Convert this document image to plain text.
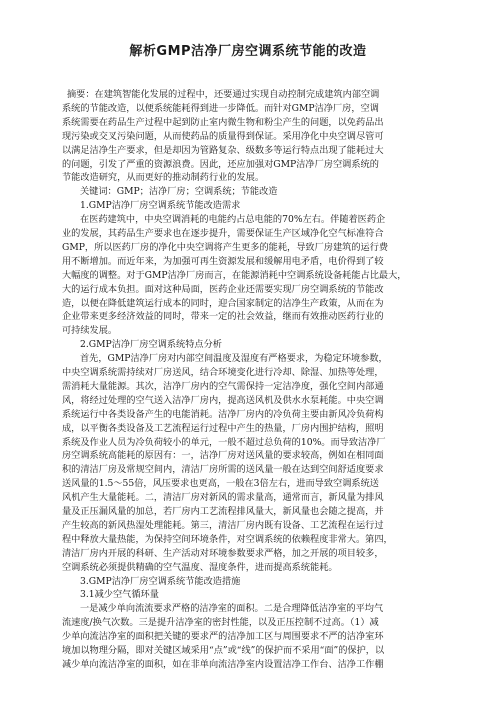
解析GMP洁净厂房空调系统节能的改造
摘要：在建筑智能化发展的过程中，还要通过实现自动控制完成建筑内部空调
系统的节能改造，以便系统能耗得到进一步降低。而针对GMP洁净厂房，空调
系统需要在药品生产过程中起到防止室内微生物和粉尘产生的问题，以免药品出
现污染或交叉污染问题，从而使药品的质量得到保证。采用净化中央空调尽管可
以满足洁净生产要求，但是却因为管路复杂、级数多等运行特点出现了能耗过大
的问题，引发了严重的资源浪费。因此，还应加强对GMP洁净厂房空调系统的
节能改造研究，从而更好的推动制药行业的发展。
关键词：GMP；洁净厂房；空调系统；节能改造
1.GMP洁净厂房空调系统节能改造需求
在医药建筑中，中央空调消耗的电能约占总电能的70%左右。伴随着医药企
业的发展，其药品生产要求也在逐步提升，需要保证生产区域净化空气标准符合
GMP，所以医药厂房的净化中央空调将产生更多的能耗，导致厂房建筑的运行费
用不断增加。而近年来，为加强可再生资源发展和缓解用电矛盾，电价得到了较
大幅度的调整。对于GMP洁净厂房而言，在能源消耗中空调系统设备耗能占比最大，
大的运行成本负担。面对这种局面，医药企业还需要实现厂房空调系统的节能改
造，以便在降低建筑运行成本的同时，迎合国家制定的洁净生产政策，从而在为
企业带来更多经济效益的同时，带来一定的社会效益，继而有效推动医药行业的
可持续发展。
2.GMP洁净厂房空调系统特点分析
首先，GMP洁净厂房对内部空间温度及湿度有严格要求，为稳定环境参数，
中央空调系统需持续对厂房送风，结合环境变化进行冷却、除湿、加热等处理，
需消耗大量能源。其次，洁净厂房内的空气需保持一定洁净度，强化空间内部通
风，将经过处理的空气送入洁净厂房内，提高送风机及供水水泵耗能。中央空调
系统运行中各类设备产生的电能消耗。洁净厂房内的冷负荷主要由新风冷负荷构
成，以平衡各类设备及工艺流程运行过程中产生的热量，厂房内围护结构，照明
系统及作业人员为冷负荷较小的单元，一般不超过总负荷的10%。而导致洁净厂
房空调系统高能耗的原因有：一，洁净厂房对送风量的要求较高，例如在相同面
积的清洁厂房及常规空间内，清洁厂房所需的送风量一般在达到空间舒适度要求
送风量的1.5～55倍，风压要求也更高，一般在3倍左右，进而导致空调系统送
风机产生大量能耗。二，清洁厂房对新风的需求量高，通常而言，新风量为排风
量及正压漏风量的加总，若厂房内工艺流程排风量大，新风量也会随之提高，并
产生较高的新风热湿处理能耗。第三，清洁厂房内既有设备、工艺流程在运行过
程中释放大量热能，为保持空间环境条件，对空调系统的依赖程度非常大。第四，
清洁厂房内开展的科研、生产活动对环境参数要求严格，加之开展的项目较多，
空调系统必须提供精确的空气温度、湿度条件，进而提高系统能耗。
3.GMP洁净厂房空调系统节能改造措施
3.1减少空气循环量
一是减少单向流流要求严格的洁净室的面积。二是合理降低洁净室的平均气
流速度/换气次数。三是提升洁净室的密封性能，以及正压控制不过高。（1）减
少单向流洁净室的面积把关键的要求严的洁净加工区与周围要求不严的洁净室环
境加以物理分隔，即对关键区域采用“点”或“线”的保护而不采用“面”的保护，以
减少单向流洁净室的面积，如在非单向流洁净室内设置洁净工作台、洁净工作棚
